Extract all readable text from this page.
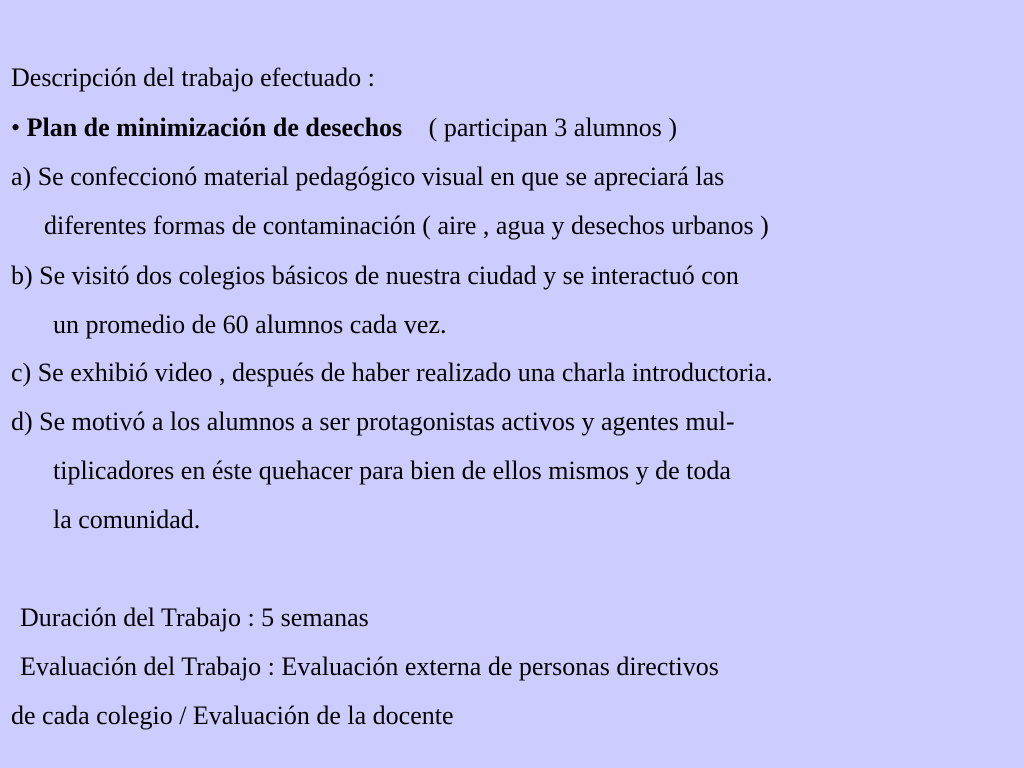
Descripción del trabajo efectuado :
• Plan de minimización de desechos ( participan 3 alumnos )
a) Se confeccionó material pedagógico visual en que se apreciará las
diferentes formas de contaminación ( aire , agua y desechos urbanos )
b) Se visitó dos colegios básicos de nuestra ciudad y se interactuó con
un promedio de 60 alumnos cada vez.
c) Se exhibió video , después de haber realizado una charla introductoria.
d) Se motivó a los alumnos a ser protagonistas activos y agentes mul-
tiplicadores en éste quehacer para bien de ellos mismos y de toda
la comunidad.
Duración del Trabajo : 5 semanas
Evaluación del Trabajo : Evaluación externa de personas directivos
de cada colegio / Evaluación de la docente
